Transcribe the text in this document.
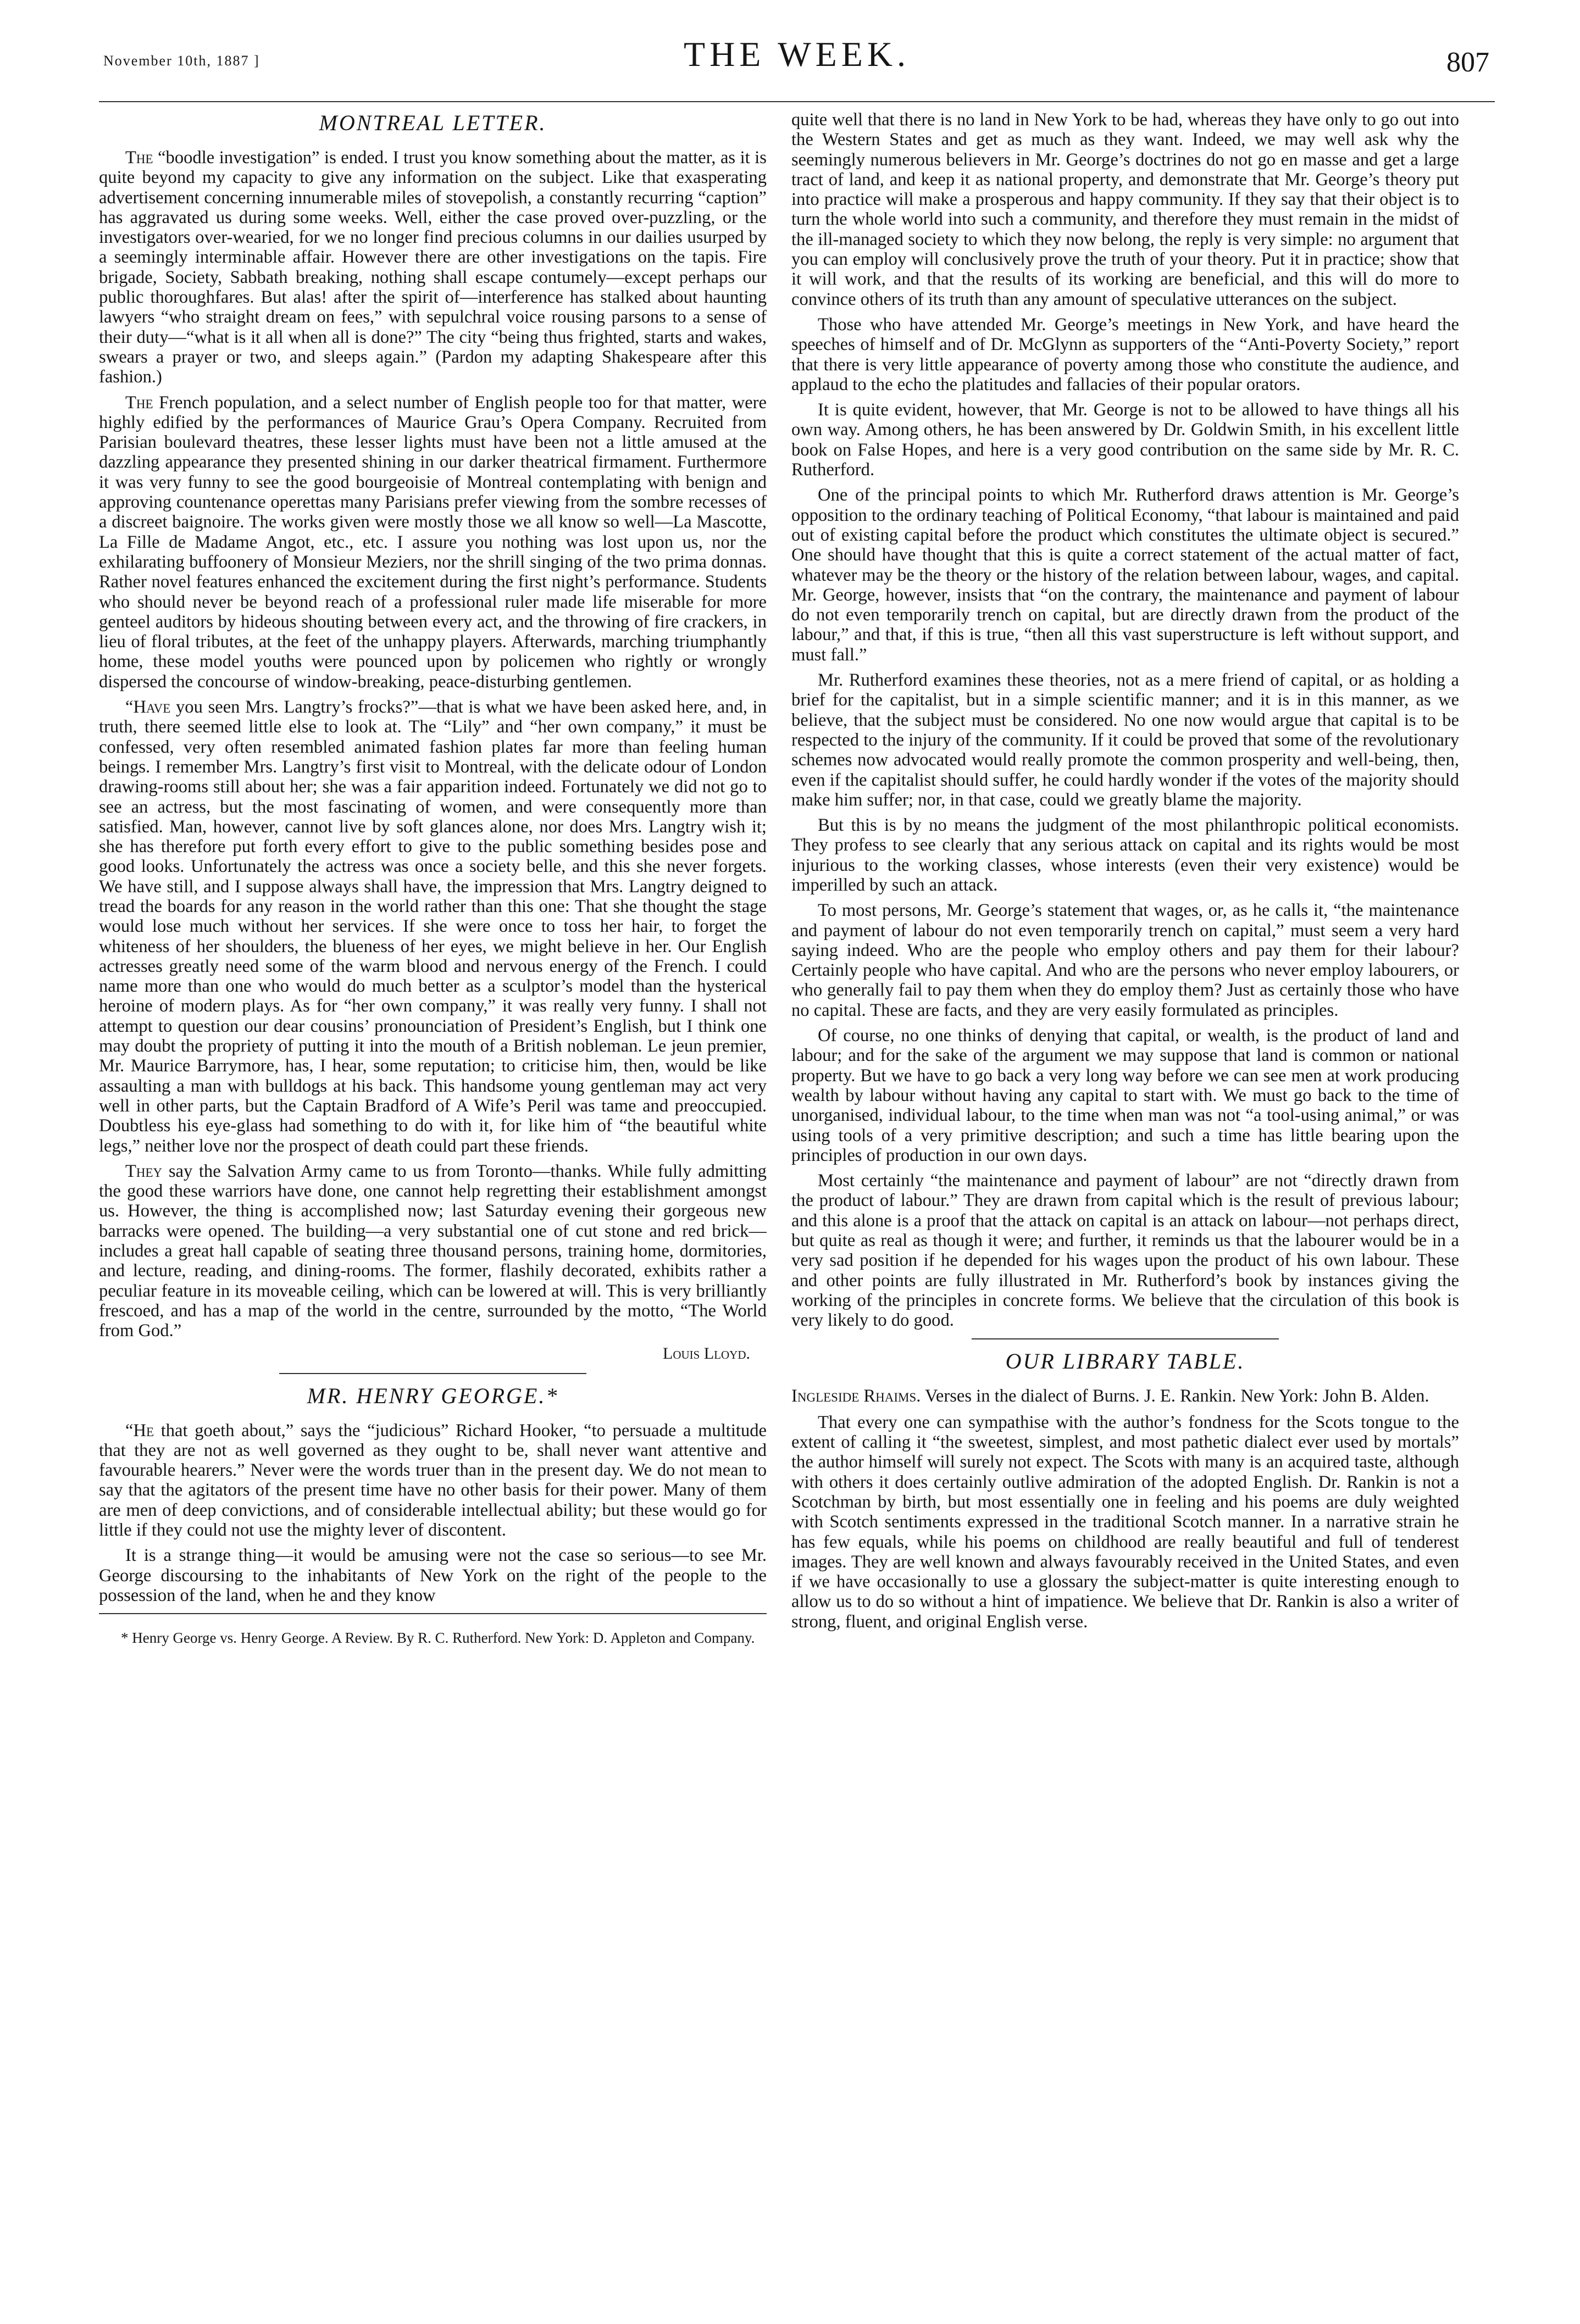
November 10th, 1887 ]	THE WEEK.	807
MONTREAL LETTER.

The “boodle investigation” is ended. I trust you know something about the matter, as it is quite beyond my capacity to give any information on the subject. Like that exasperating advertisement concerning innumerable miles of stovepolish, a constantly recurring “caption” has aggravated us during some weeks. Well, either the case proved over-puzzling, or the investigators over-wearied, for we no longer find precious columns in our dailies usurped by a seemingly interminable affair. However there are other investigations on the tapis. Fire brigade, Society, Sabbath breaking, nothing shall escape contumely—except perhaps our public thoroughfares. But alas! after the spirit of—interference has stalked about haunting lawyers “who straight dream on fees,” with sepulchral voice rousing parsons to a sense of their duty—“what is it all when all is done?” The city “being thus frighted, starts and wakes, swears a prayer or two, and sleeps again.” (Pardon my adapting Shakespeare after this fashion.)

The French population, and a select number of English people too for that matter, were highly edified by the performances of Maurice Grau’s Opera Company. Recruited from Parisian boulevard theatres, these lesser lights must have been not a little amused at the dazzling appearance they presented shining in our darker theatrical firmament. Furthermore it was very funny to see the good bourgeoisie of Montreal contemplating with benign and approving countenance operettas many Parisians prefer viewing from the sombre recesses of a discreet baignoire. The works given were mostly those we all know so well—La Mascotte, La Fille de Madame Angot, etc., etc. I assure you nothing was lost upon us, nor the exhilarating buffoonery of Monsieur Meziers, nor the shrill singing of the two prima donnas. Rather novel features enhanced the excitement during the first night’s performance. Students who should never be beyond reach of a professional ruler made life miserable for more genteel auditors by hideous shouting between every act, and the throwing of fire crackers, in lieu of floral tributes, at the feet of the unhappy players. Afterwards, marching triumphantly home, these model youths were pounced upon by policemen who rightly or wrongly dispersed the concourse of window-breaking, peace-disturbing gentlemen.

“Have you seen Mrs. Langtry’s frocks?”—that is what we have been asked here, and, in truth, there seemed little else to look at. The “Lily” and “her own company,” it must be confessed, very often resembled animated fashion plates far more than feeling human beings. I remember Mrs. Langtry’s first visit to Montreal, with the delicate odour of London drawing-rooms still about her; she was a fair apparition indeed. Fortunately we did not go to see an actress, but the most fascinating of women, and were consequently more than satisfied. Man, however, cannot live by soft glances alone, nor does Mrs. Langtry wish it; she has therefore put forth every effort to give to the public something besides pose and good looks. Unfortunately the actress was once a society belle, and this she never forgets. We have still, and I suppose always shall have, the impression that Mrs. Langtry deigned to tread the boards for any reason in the world rather than this one: That she thought the stage would lose much without her services. If she were once to toss her hair, to forget the whiteness of her shoulders, the blueness of her eyes, we might believe in her. Our English actresses greatly need some of the warm blood and nervous energy of the French. I could name more than one who would do much better as a sculptor’s model than the hysterical heroine of modern plays. As for “her own company,” it was really very funny. I shall not attempt to question our dear cousins’ pronounciation of President’s English, but I think one may doubt the propriety of putting it into the mouth of a British nobleman. Le jeun premier, Mr. Maurice Barrymore, has, I hear, some reputation; to criticise him, then, would be like assaulting a man with bulldogs at his back. This handsome young gentleman may act very well in other parts, but the Captain Bradford of A Wife’s Peril was tame and preoccupied. Doubtless his eye-glass had something to do with it, for like him of “the beautiful white legs,” neither love nor the prospect of death could part these friends.

They say the Salvation Army came to us from Toronto—thanks. While fully admitting the good these warriors have done, one cannot help regretting their establishment amongst us. However, the thing is accomplished now; last Saturday evening their gorgeous new barracks were opened. The building—a very substantial one of cut stone and red brick—includes a great hall capable of seating three thousand persons, training home, dormitories, and lecture, reading, and dining-rooms. The former, flashily decorated, exhibits rather a peculiar feature in its moveable ceiling, which can be lowered at will. This is very brilliantly frescoed, and has a map of the world in the centre, surrounded by the motto, “The World from God.”

Louis Lloyd.
MR. HENRY GEORGE.*

“He that goeth about,” says the “judicious” Richard Hooker, “to persuade a multitude that they are not as well governed as they ought to be, shall never want attentive and favourable hearers.” Never were the words truer than in the present day. We do not mean to say that the agitators of the present time have no other basis for their power. Many of them are men of deep convictions, and of considerable intellectual ability; but these would go for little if they could not use the mighty lever of discontent.

It is a strange thing—it would be amusing were not the case so serious—to see Mr. George discoursing to the inhabitants of New York on the right of the people to the possession of the land, when he and they know

* Henry George vs. Henry George. A Review. By R. C. Rutherford. New York: D. Appleton and Company.

quite well that there is no land in New York to be had, whereas they have only to go out into the Western States and get as much as they want. Indeed, we may well ask why the seemingly numerous believers in Mr. George’s doctrines do not go en masse and get a large tract of land, and keep it as national property, and demonstrate that Mr. George’s theory put into practice will make a prosperous and happy community. If they say that their object is to turn the whole world into such a community, and therefore they must remain in the midst of the ill-managed society to which they now belong, the reply is very simple: no argument that you can employ will conclusively prove the truth of your theory. Put it in practice; show that it will work, and that the results of its working are beneficial, and this will do more to convince others of its truth than any amount of speculative utterances on the subject.

Those who have attended Mr. George’s meetings in New York, and have heard the speeches of himself and of Dr. McGlynn as supporters of the “Anti-Poverty Society,” report that there is very little appearance of poverty among those who constitute the audience, and applaud to the echo the platitudes and fallacies of their popular orators.

It is quite evident, however, that Mr. George is not to be allowed to have things all his own way. Among others, he has been answered by Dr. Goldwin Smith, in his excellent little book on False Hopes, and here is a very good contribution on the same side by Mr. R. C. Rutherford.

One of the principal points to which Mr. Rutherford draws attention is Mr. George’s opposition to the ordinary teaching of Political Economy, “that labour is maintained and paid out of existing capital before the product which constitutes the ultimate object is secured.” One should have thought that this is quite a correct statement of the actual matter of fact, whatever may be the theory or the history of the relation between labour, wages, and capital. Mr. George, however, insists that “on the contrary, the maintenance and payment of labour do not even temporarily trench on capital, but are directly drawn from the product of the labour,” and that, if this is true, “then all this vast superstructure is left without support, and must fall.”

Mr. Rutherford examines these theories, not as a mere friend of capital, or as holding a brief for the capitalist, but in a simple scientific manner; and it is in this manner, as we believe, that the subject must be considered. No one now would argue that capital is to be respected to the injury of the community. If it could be proved that some of the revolutionary schemes now advocated would really promote the common prosperity and well-being, then, even if the capitalist should suffer, he could hardly wonder if the votes of the majority should make him suffer; nor, in that case, could we greatly blame the majority.

But this is by no means the judgment of the most philanthropic political economists. They profess to see clearly that any serious attack on capital and its rights would be most injurious to the working classes, whose interests (even their very existence) would be imperilled by such an attack.

To most persons, Mr. George’s statement that wages, or, as he calls it, “the maintenance and payment of labour do not even temporarily trench on capital,” must seem a very hard saying indeed. Who are the people who employ others and pay them for their labour? Certainly people who have capital. And who are the persons who never employ labourers, or who generally fail to pay them when they do employ them? Just as certainly those who have no capital. These are facts, and they are very easily formulated as principles.

Of course, no one thinks of denying that capital, or wealth, is the product of land and labour; and for the sake of the argument we may suppose that land is common or national property. But we have to go back a very long way before we can see men at work producing wealth by labour without having any capital to start with. We must go back to the time of unorganised, individual labour, to the time when man was not “a tool-using animal,” or was using tools of a very primitive description; and such a time has little bearing upon the principles of production in our own days.

Most certainly “the maintenance and payment of labour” are not “directly drawn from the product of labour.” They are drawn from capital which is the result of previous labour; and this alone is a proof that the attack on capital is an attack on labour—not perhaps direct, but quite as real as though it were; and further, it reminds us that the labourer would be in a very sad position if he depended for his wages upon the product of his own labour. These and other points are fully illustrated in Mr. Rutherford’s book by instances giving the working of the principles in concrete forms. We believe that the circulation of this book is very likely to do good.

OUR LIBRARY TABLE.

Ingleside Rhaims. Verses in the dialect of Burns. J. E. Rankin. New York: John B. Alden.

That every one can sympathise with the author’s fondness for the Scots tongue to the extent of calling it “the sweetest, simplest, and most pathetic dialect ever used by mortals” the author himself will surely not expect. The Scots with many is an acquired taste, although with others it does certainly outlive admiration of the adopted English. Dr. Rankin is not a Scotchman by birth, but most essentially one in feeling and his poems are duly weighted with Scotch sentiments expressed in the traditional Scotch manner. In a narrative strain he has few equals, while his poems on childhood are really beautiful and full of tenderest images. They are well known and always favourably received in the United States, and even if we have occasionally to use a glossary the subject-matter is quite interesting enough to allow us to do so without a hint of impatience. We believe that Dr. Rankin is also a writer of strong, fluent, and original English verse.
